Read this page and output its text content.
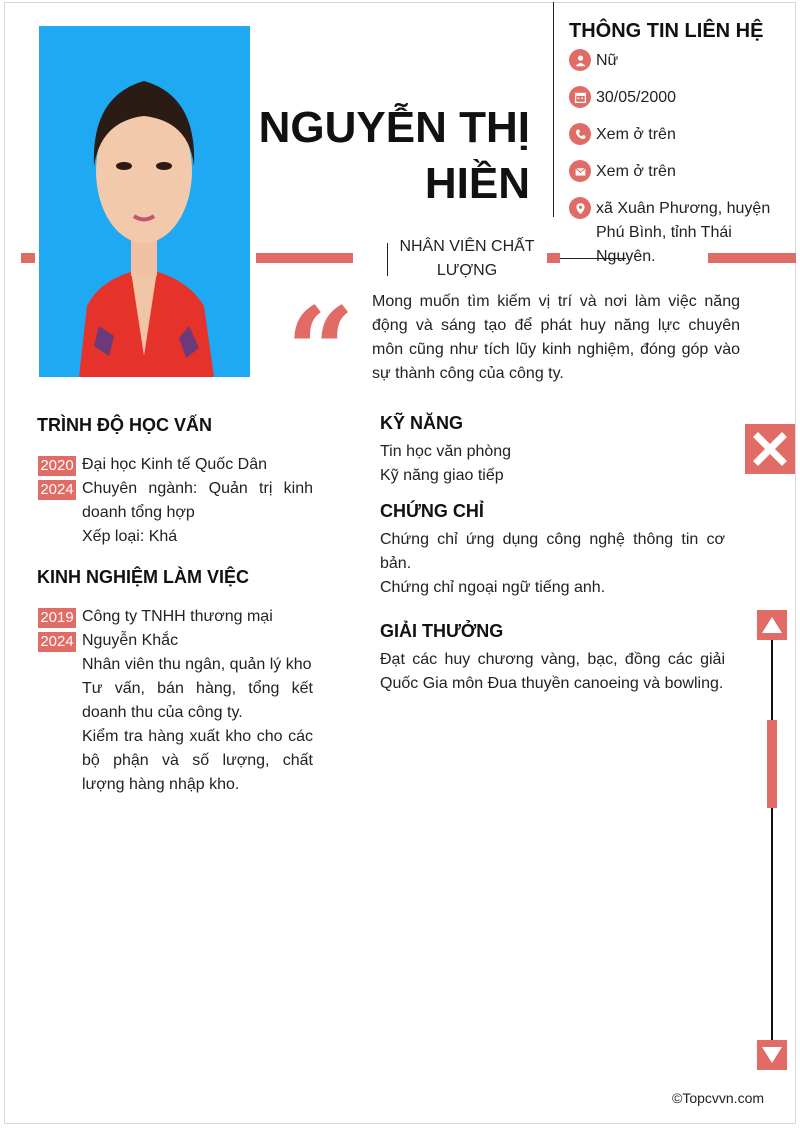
NGUYỄN THỊ
HIỀN
THÔNG TIN LIÊN HỆ
Nữ
30/05/2000
Xem ở trên
Xem ở trên
xã Xuân Phương, huyện Phú Bình, tỉnh Thái Nguyên.
NHÂN VIÊN CHẤT LƯỢNG
“ Mong muốn tìm kiếm vị trí và nơi làm việc năng động và sáng tạo để phát huy năng lực chuyên môn cũng như tích lũy kinh nghiệm, đóng góp vào sự thành công của công ty.
TRÌNH ĐỘ HỌC VẤN
2020
2024
Đại học Kinh tế Quốc Dân
Chuyên ngành: Quản trị kinh doanh tổng hợp
Xếp loại: Khá
KINH NGHIỆM LÀM VIỆC
2019
2024
Công ty TNHH thương mại Nguyễn Khắc
Nhân viên thu ngân, quản lý kho
Tư vấn, bán hàng, tổng kết doanh thu của công ty.
Kiểm tra hàng xuất kho cho các bộ phận và số lượng, chất lượng hàng nhập kho.
KỸ NĂNG
Tin học văn phòng
Kỹ năng giao tiếp
CHỨNG CHỈ
Chứng chỉ ứng dụng công nghệ thông tin cơ bản.
Chứng chỉ ngoại ngữ tiếng anh.
GIẢI THƯỞNG
Đạt các huy chương vàng, bạc, đồng các giải Quốc Gia môn Đua thuyền canoeing và bowling.
©Topcvvn.com
